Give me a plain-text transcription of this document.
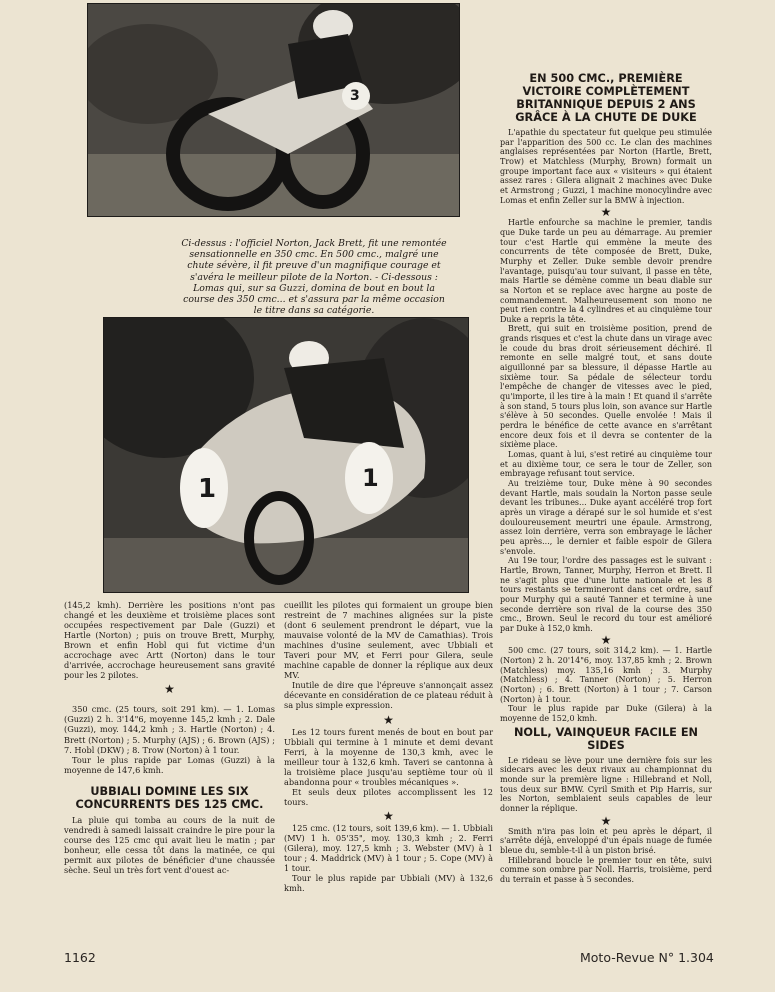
3
Ci-dessus : l'officiel Norton, Jack Brett, fit une remontée sensationnelle en 350 cmc. En 500 cmc., malgré une chute sévère, il fit preuve d'un magnifique courage et s'avéra le meilleur pilote de la Norton. - Ci-dessous : Lomas qui, sur sa Guzzi, domina de bout en bout la course des 350 cmc... et s'assura par la même occasion le titre dans sa catégorie.
1	1

(145,2 kmh). Derrière les positions n'ont pas changé et les deuxième et troisième places sont occupées respectivement par Dale (Guzzi) et Hartle (Norton) ; puis on trouve Brett, Murphy, Brown et enfin Hobl qui fut victime d'un accrochage avec Artt (Norton) dans le tour d'arrivée, accrochage heureusement sans gravité pour les 2 pilotes.

★

350 cmc. (25 tours, soit 291 km). — 1. Lomas (Guzzi) 2 h. 3'14"6, moyenne 145,2 kmh ; 2. Dale (Guzzi), moy. 144,2 kmh ; 3. Hartle (Norton) ; 4. Brett (Norton) ; 5. Murphy (AJS) ; 6. Brown (AJS) ; 7. Hobl (DKW) ; 8. Trow (Norton) à 1 tour.

Tour le plus rapide par Lomas (Guzzi) à la moyenne de 147,6 kmh.

UBBIALI DOMINE LES SIX CONCURRENTS DES 125 CMC.

La pluie qui tomba au cours de la nuit de vendredi à samedi laissait craindre le pire pour la course des 125 cmc qui avait lieu le matin ; par bonheur, elle cessa tôt dans la matinée, ce qui permit aux pilotes de bénéficier d'une chaussée sèche. Seul un très fort vent d'ouest ac-

cueillit les pilotes qui formaient un groupe bien restreint de 7 machines alignées sur la piste (dont 6 seulement prendront le départ, vue la mauvaise volonté de la MV de Camathias). Trois machines d'usine seulement, avec Ubbiali et Taveri pour MV, et Ferri pour Gilera, seule machine capable de donner la réplique aux deux MV.

Inutile de dire que l'épreuve s'annonçait assez décevante en considération de ce plateau réduit à sa plus simple expression.

★

Les 12 tours furent menés de bout en bout par Ubbiali qui termine à 1 minute et demi devant Ferri, à la moyenne de 130,3 kmh, avec le meilleur tour à 132,6 kmh. Taveri se cantonna à la troisième place jusqu'au septième tour où il abandonna pour « troubles mécaniques ».

Et seuls deux pilotes accomplissent les 12 tours.

★

125 cmc. (12 tours, soit 139,6 km). — 1. Ubbiali (MV) 1 h. 05'35", moy. 130,3 kmh ; 2. Ferri (Gilera), moy. 127,5 kmh ; 3. Webster (MV) à 1 tour ; 4. Maddrick (MV) à 1 tour ; 5. Cope (MV) à 1 tour.

Tour le plus rapide par Ubbiali (MV) à 132,6 kmh.

EN 500 CMC., PREMIÈRE VICTOIRE COMPLÈTEMENT BRITANNIQUE DEPUIS 2 ANS GRÂCE À LA CHUTE DE DUKE

L'apathie du spectateur fut quelque peu stimulée par l'apparition des 500 cc. Le clan des machines anglaises représentées par Norton (Hartle, Brett, Trow) et Matchless (Murphy, Brown) formait un groupe important face aux « visiteurs » qui étaient assez rares : Gilera alignait 2 machines avec Duke et Armstrong ; Guzzi, 1 machine monocylindre avec Lomas et enfin Zeller sur la BMW à injection.

★

Hartle enfourche sa machine le premier, tandis que Duke tarde un peu au démarrage. Au premier tour c'est Hartle qui emmène la meute des concurrents de tête composée de Brett, Duke, Murphy et Zeller. Duke semble devoir prendre l'avantage, puisqu'au tour suivant, il passe en tête, mais Hartle se démène comme un beau diable sur sa Norton et se replace avec hargne au poste de commandement. Malheureusement son mono ne peut rien contre la 4 cylindres et au cinquième tour Duke a repris la tête.

Brett, qui suit en troisième position, prend de grands risques et c'est la chute dans un virage avec le coude du bras droit sérieusement déchiré. Il remonte en selle malgré tout, et sans doute aiguillonné par sa blessure, il dépasse Hartle au sixième tour. Sa pédale de sélecteur tordu l'empêche de changer de vitesses avec le pied, qu'importe, il les tire à la main ! Et quand il s'arrête à son stand, 5 tours plus loin, son avance sur Hartle s'élève à 50 secondes. Quelle envolée ! Mais il perdra le bénéfice de cette avance en s'arrêtant encore deux fois et il devra se contenter de la sixième place.

Lomas, quant à lui, s'est retiré au cinquième tour et au dixième tour, ce sera le tour de Zeller, son embrayage refusant tout service.

Au treizième tour, Duke mène à 90 secondes devant Hartle, mais soudain la Norton passe seule devant les tribunes... Duke ayant accéléré trop fort après un virage a dérapé sur le sol humide et s'est douloureusement meurtri une épaule. Armstrong, assez loin derrière, verra son embrayage le lâcher peu après..., le dernier et faible espoir de Gilera s'envole.

Au 19e tour, l'ordre des passages est le suivant : Hartle, Brown, Tanner, Murphy, Herron et Brett. Il ne s'agit plus que d'une lutte nationale et les 8 tours restants se termineront dans cet ordre, sauf pour Murphy qui a sauté Tanner et termine à une seconde derrière son rival de la course des 350 cmc., Brown. Seul le record du tour est amélioré par Duke à 152,0 kmh.

★

500 cmc. (27 tours, soit 314,2 km). — 1. Hartle (Norton) 2 h. 20'14"6, moy. 137,85 kmh ; 2. Brown (Matchless) moy. 135,16 kmh ; 3. Murphy (Matchless) ; 4. Tanner (Norton) ; 5. Herron (Norton) ; 6. Brett (Norton) à 1 tour ; 7. Carson (Norton) à 1 tour.

Tour le plus rapide par Duke (Gilera) à la moyenne de 152,0 kmh.

NOLL, VAINQUEUR FACILE EN SIDES

Le rideau se lève pour une dernière fois sur les sidecars avec les deux rivaux au championnat du monde sur la première ligne : Hillebrand et Noll, tous deux sur BMW. Cyril Smith et Pip Harris, sur les Norton, semblaient seuls capables de leur donner la réplique.

★

Smith n'ira pas loin et peu après le départ, il s'arrête déjà, enveloppé d'un épais nuage de fumée bleue du, semble-t-il à un piston brisé.

Hillebrand boucle le premier tour en tête, suivi comme son ombre par Noll. Harris, troisième, perd du terrain et passe à 5 secondes.

1162	Moto-Revue N° 1.304
